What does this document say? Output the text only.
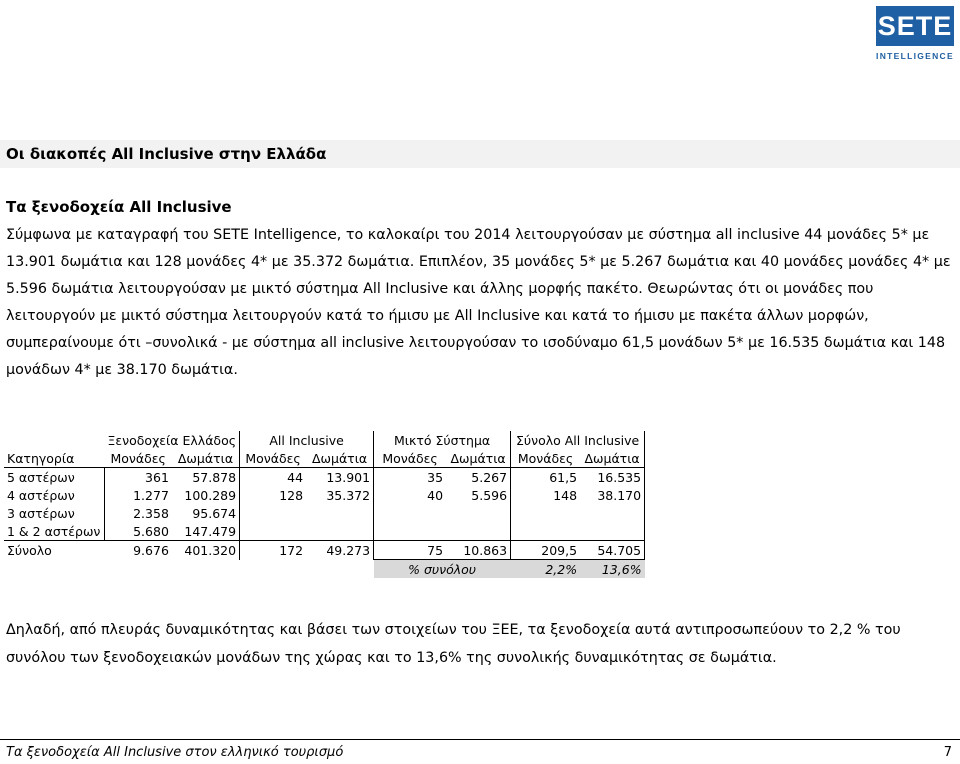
SETE
INTELLIGENCE
Οι διακοπές All Inclusive στην Ελλάδα
Τα ξενοδοχεία All Inclusive
Σύμφωνα με καταγραφή του SETE Intelligence, το καλοκαίρι του 2014 λειτουργούσαν με σύστημα all inclusive 44 μονάδες 5* με 13.901 δωμάτια και 128 μονάδες 4* με 35.372 δωμάτια. Επιπλέον, 35 μονάδες 5* με 5.267 δωμάτια και 40 μονάδες μονάδες 4* με 5.596 δωμάτια λειτουργούσαν με μικτό σύστημα All Inclusive και άλλης μορφής πακέτο. Θεωρώντας ότι οι μονάδες που λειτουργούν με μικτό σύστημα λειτουργούν κατά το ήμισυ με All Inclusive και κατά το ήμισυ με πακέτα άλλων μορφών, συμπεραίνουμε ότι –συνολικά - με σύστημα all inclusive λειτουργούσαν το ισοδύναμο 61,5 μονάδων 5* με 16.535 δωμάτια και 148 μονάδων 4* με 38.170 δωμάτια.
	Ξενοδοχεία Ελλάδος		All Inclusive		Μικτό Σύστημα		Σύνολο All Inclusive	
Κατηγορία	Μονάδες	Δωμάτια	Μονάδες	Δωμάτια	Μονάδες	Δωμάτια	Μονάδες	Δωμάτια
5 αστέρων	361	57.878	44	13.901	35	5.267	61,5	16.535
4 αστέρων	1.277	100.289	128	35.372	40	5.596	148	38.170
3 αστέρων	2.358	95.674						
1 & 2 αστέρων	5.680	147.479						
Σύνολο	9.676	401.320	172	49.273	75	10.863	209,5	54.705
					% συνόλου		2,2%	13,6%
Δηλαδή, από πλευράς δυναμικότητας και βάσει των στοιχείων του ΞΕΕ, τα ξενοδοχεία αυτά αντιπροσωπεύουν το 2,2 % του συνόλου των ξενοδοχειακών μονάδων της χώρας και το 13,6% της συνολικής δυναμικότητας σε δωμάτια.
Τα ξενοδοχεία All Inclusive στον ελληνικό τουρισμό	7
